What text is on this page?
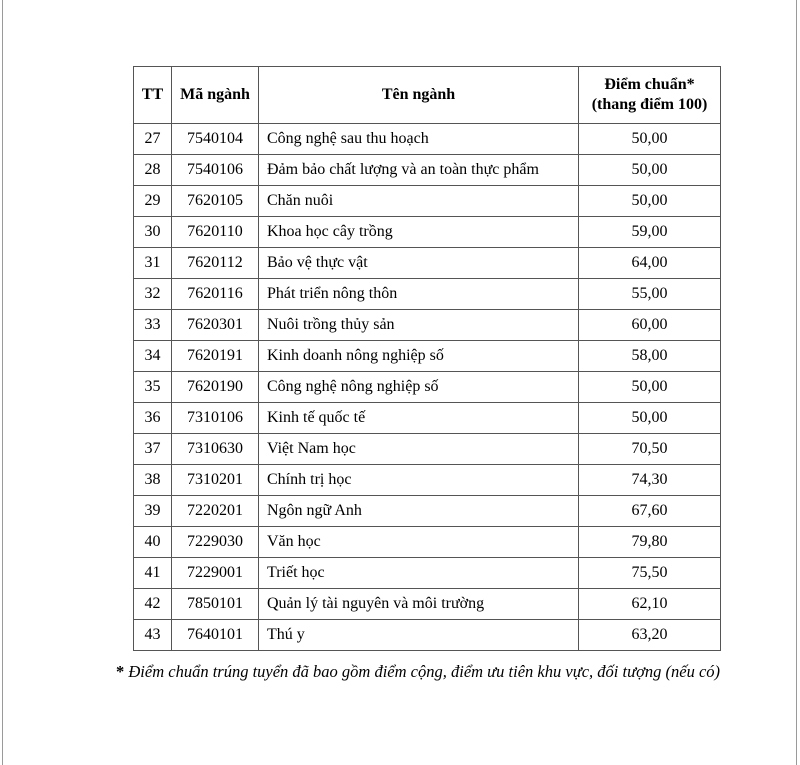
TT	Mã ngành	Tên ngành	Điểm chuẩn*
(thang điểm 100)

27	7540104	Công nghệ sau thu hoạch	50,00
28	7540106	Đảm bảo chất lượng và an toàn thực phẩm	50,00
29	7620105	Chăn nuôi	50,00
30	7620110	Khoa học cây trồng	59,00
31	7620112	Bảo vệ thực vật	64,00
32	7620116	Phát triển nông thôn	55,00
33	7620301	Nuôi trồng thủy sản	60,00
34	7620191	Kinh doanh nông nghiệp số	58,00
35	7620190	Công nghệ nông nghiệp số	50,00
36	7310106	Kinh tế quốc tế	50,00
37	7310630	Việt Nam học	70,50
38	7310201	Chính trị học	74,30
39	7220201	Ngôn ngữ Anh	67,60
40	7229030	Văn học	79,80
41	7229001	Triết học	75,50
42	7850101	Quản lý tài nguyên và môi trường	62,10
43	7640101	Thú y	63,20
* Điểm chuẩn trúng tuyển đã bao gồm điểm cộng, điểm ưu tiên khu vực, đối tượng (nếu có)
